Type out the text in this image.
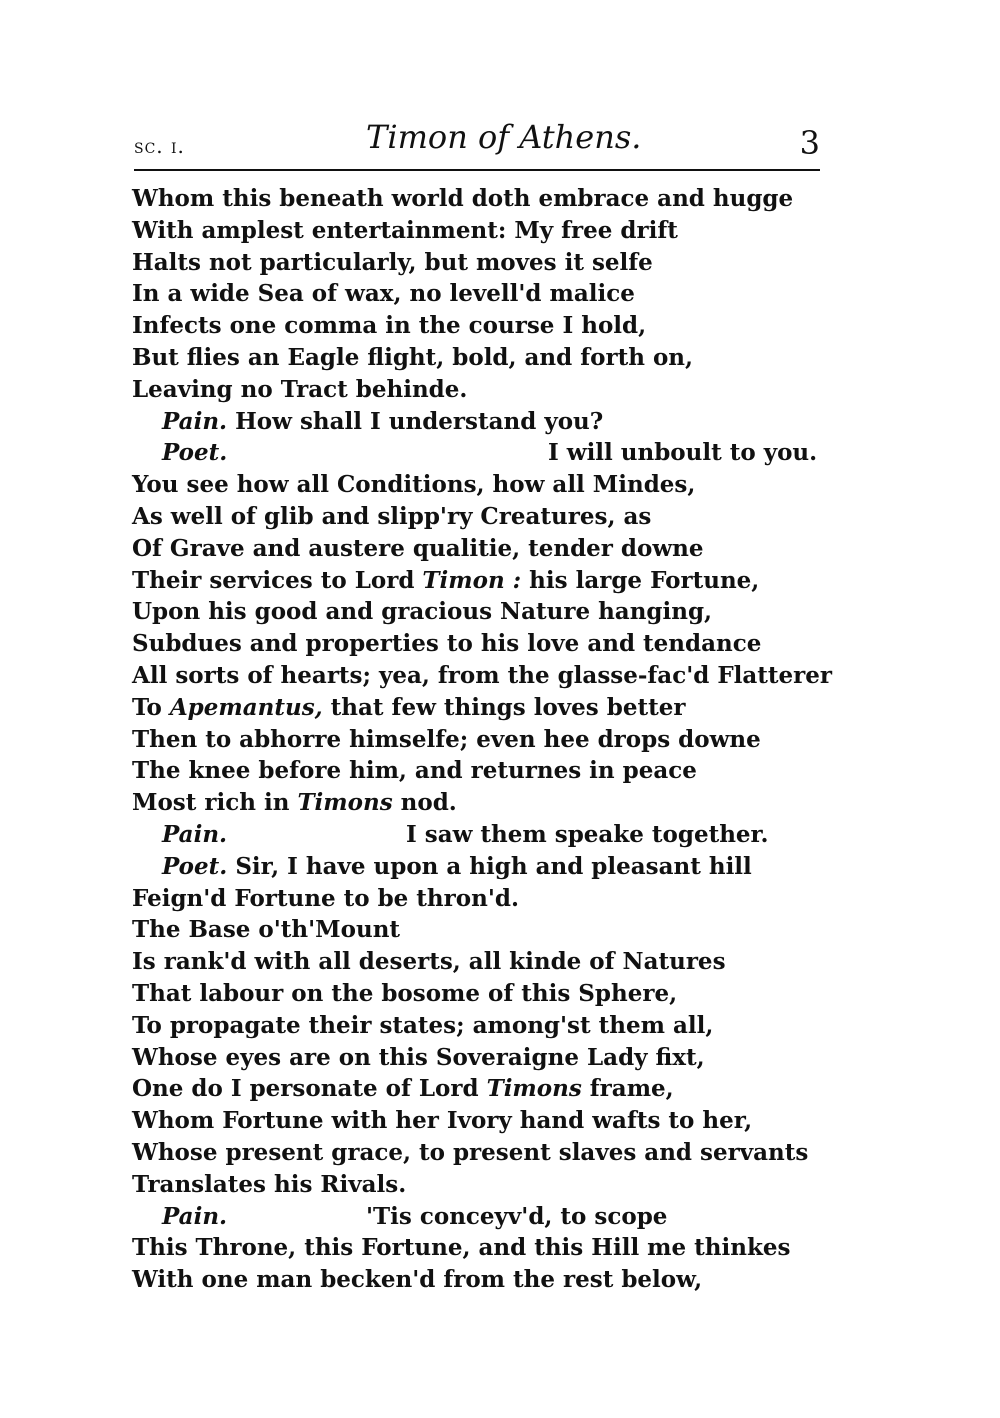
sc. i.	Timon of Athens.	3
Whom this beneath world doth embrace and hugge
With amplest entertainment: My free drift
Halts not particularly, but moves it selfe
In a wide Sea of wax, no levell'd malice
Infects one comma in the course I hold,
But flies an Eagle flight, bold, and forth on,
Leaving no Tract behinde.
Pain. How shall I understand you?
Poet.	I will unboult to you.
You see how all Conditions, how all Mindes,
As well of glib and slipp'ry Creatures, as
Of Grave and austere qualitie, tender downe
Their services to Lord Timon : his large Fortune,
Upon his good and gracious Nature hanging,
Subdues and properties to his love and tendance
All sorts of hearts; yea, from the glasse-fac'd Flatterer
To Apemantus, that few things loves better
Then to abhorre himselfe; even hee drops downe
The knee before him, and returnes in peace
Most rich in Timons nod.
Pain.	I saw them speake together.
Poet. Sir, I have upon a high and pleasant hill
Feign'd Fortune to be thron'd.
The Base o'th'Mount
Is rank'd with all deserts, all kinde of Natures
That labour on the bosome of this Sphere,
To propagate their states; among'st them all,
Whose eyes are on this Soveraigne Lady fixt,
One do I personate of Lord Timons frame,
Whom Fortune with her Ivory hand wafts to her,
Whose present grace, to present slaves and servants
Translates his Rivals.
Pain.	'Tis conceyv'd, to scope
This Throne, this Fortune, and this Hill me thinkes
With one man becken'd from the rest below,
